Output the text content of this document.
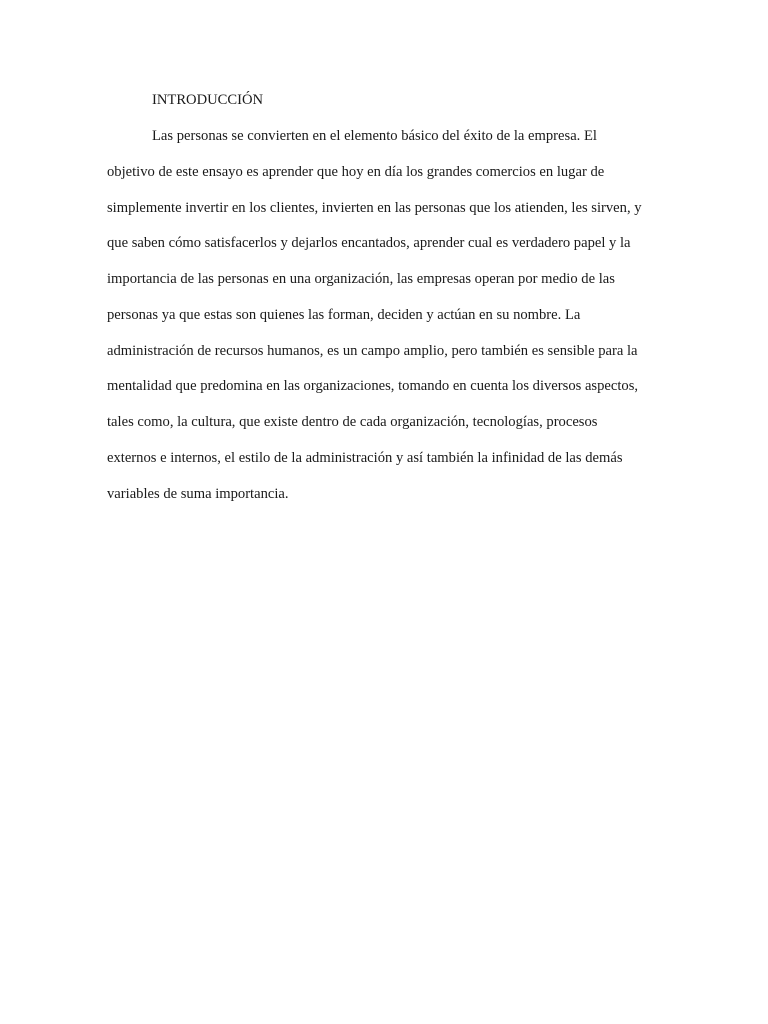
INTRODUCCIÓN
Las personas se convierten en el elemento básico del éxito de la empresa. El
objetivo de este ensayo es aprender que hoy en día los grandes comercios en lugar de
simplemente invertir en los clientes, invierten en las personas que los atienden, les sirven, y
que saben cómo satisfacerlos y dejarlos encantados, aprender cual es verdadero papel y la
importancia de las personas en una organización, las empresas operan por medio de las
personas ya que estas son quienes las forman, deciden y actúan en su nombre. La
administración de recursos humanos, es un campo amplio, pero también es sensible para la
mentalidad que predomina en las organizaciones, tomando en cuenta los diversos aspectos,
tales como, la cultura, que existe dentro de cada organización, tecnologías, procesos
externos e internos, el estilo de la administración y así también la infinidad de las demás
variables de suma importancia.
